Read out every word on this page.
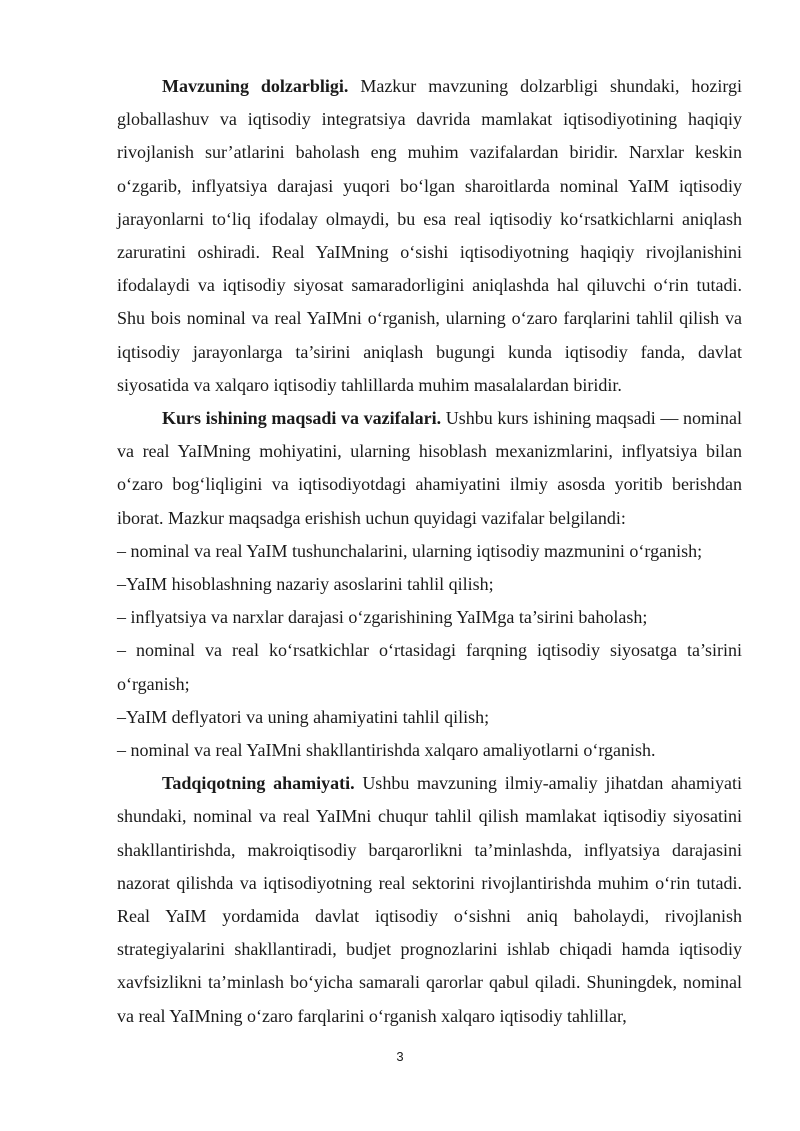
Mavzuning dolzarbligi. Mazkur mavzuning dolzarbligi shundaki, hozirgi globallashuv va iqtisodiy integratsiya davrida mamlakat iqtisodiyotining haqiqiy rivojlanish sur’atlarini baholash eng muhim vazifalardan biridir. Narxlar keskin o‘zgarib, inflyatsiya darajasi yuqori bo‘lgan sharoitlarda nominal YaIM iqtisodiy jarayonlarni to‘liq ifodalay olmaydi, bu esa real iqtisodiy ko‘rsatkichlarni aniqlash zaruratini oshiradi. Real YaIMning o‘sishi iqtisodiyotning haqiqiy rivojlanishini ifodalaydi va iqtisodiy siyosat samaradorligini aniqlashda hal qiluvchi o‘rin tutadi. Shu bois nominal va real YaIMni o‘rganish, ularning o‘zaro farqlarini tahlil qilish va iqtisodiy jarayonlarga ta’sirini aniqlash bugungi kunda iqtisodiy fanda, davlat siyosatida va xalqaro iqtisodiy tahlillarda muhim masalalardan biridir.

Kurs ishining maqsadi va vazifalari. Ushbu kurs ishining maqsadi — nominal va real YaIMning mohiyatini, ularning hisoblash mexanizmlarini, inflyatsiya bilan o‘zaro bog‘liqligini va iqtisodiyotdagi ahamiyatini ilmiy asosda yoritib berishdan iborat. Mazkur maqsadga erishish uchun quyidagi vazifalar belgilandi:

– nominal va real YaIM tushunchalarini, ularning iqtisodiy mazmunini o‘rganish;
–YaIM hisoblashning nazariy asoslarini tahlil qilish;
– inflyatsiya va narxlar darajasi o‘zgarishining YaIMga ta’sirini baholash;
– nominal va real ko‘rsatkichlar o‘rtasidagi farqning iqtisodiy siyosatga ta’sirini o‘rganish;
–YaIM deflyatori va uning ahamiyatini tahlil qilish;
– nominal va real YaIMni shakllantirishda xalqaro amaliyotlarni o‘rganish.

Tadqiqotning ahamiyati. Ushbu mavzuning ilmiy-amaliy jihatdan ahamiyati shundaki, nominal va real YaIMni chuqur tahlil qilish mamlakat iqtisodiy siyosatini shakllantirishda, makroiqtisodiy barqarorlikni ta’minlashda, inflyatsiya darajasini nazorat qilishda va iqtisodiyotning real sektorini rivojlantirishda muhim o‘rin tutadi. Real YaIM yordamida davlat iqtisodiy o‘sishni aniq baholaydi, rivojlanish strategiyalarini shakllantiradi, budjet prognozlarini ishlab chiqadi hamda iqtisodiy xavfsizlikni ta’minlash bo‘yicha samarali qarorlar qabul qiladi. Shuningdek, nominal va real YaIMning o‘zaro farqlarini o‘rganish xalqaro iqtisodiy tahlillar,

3
